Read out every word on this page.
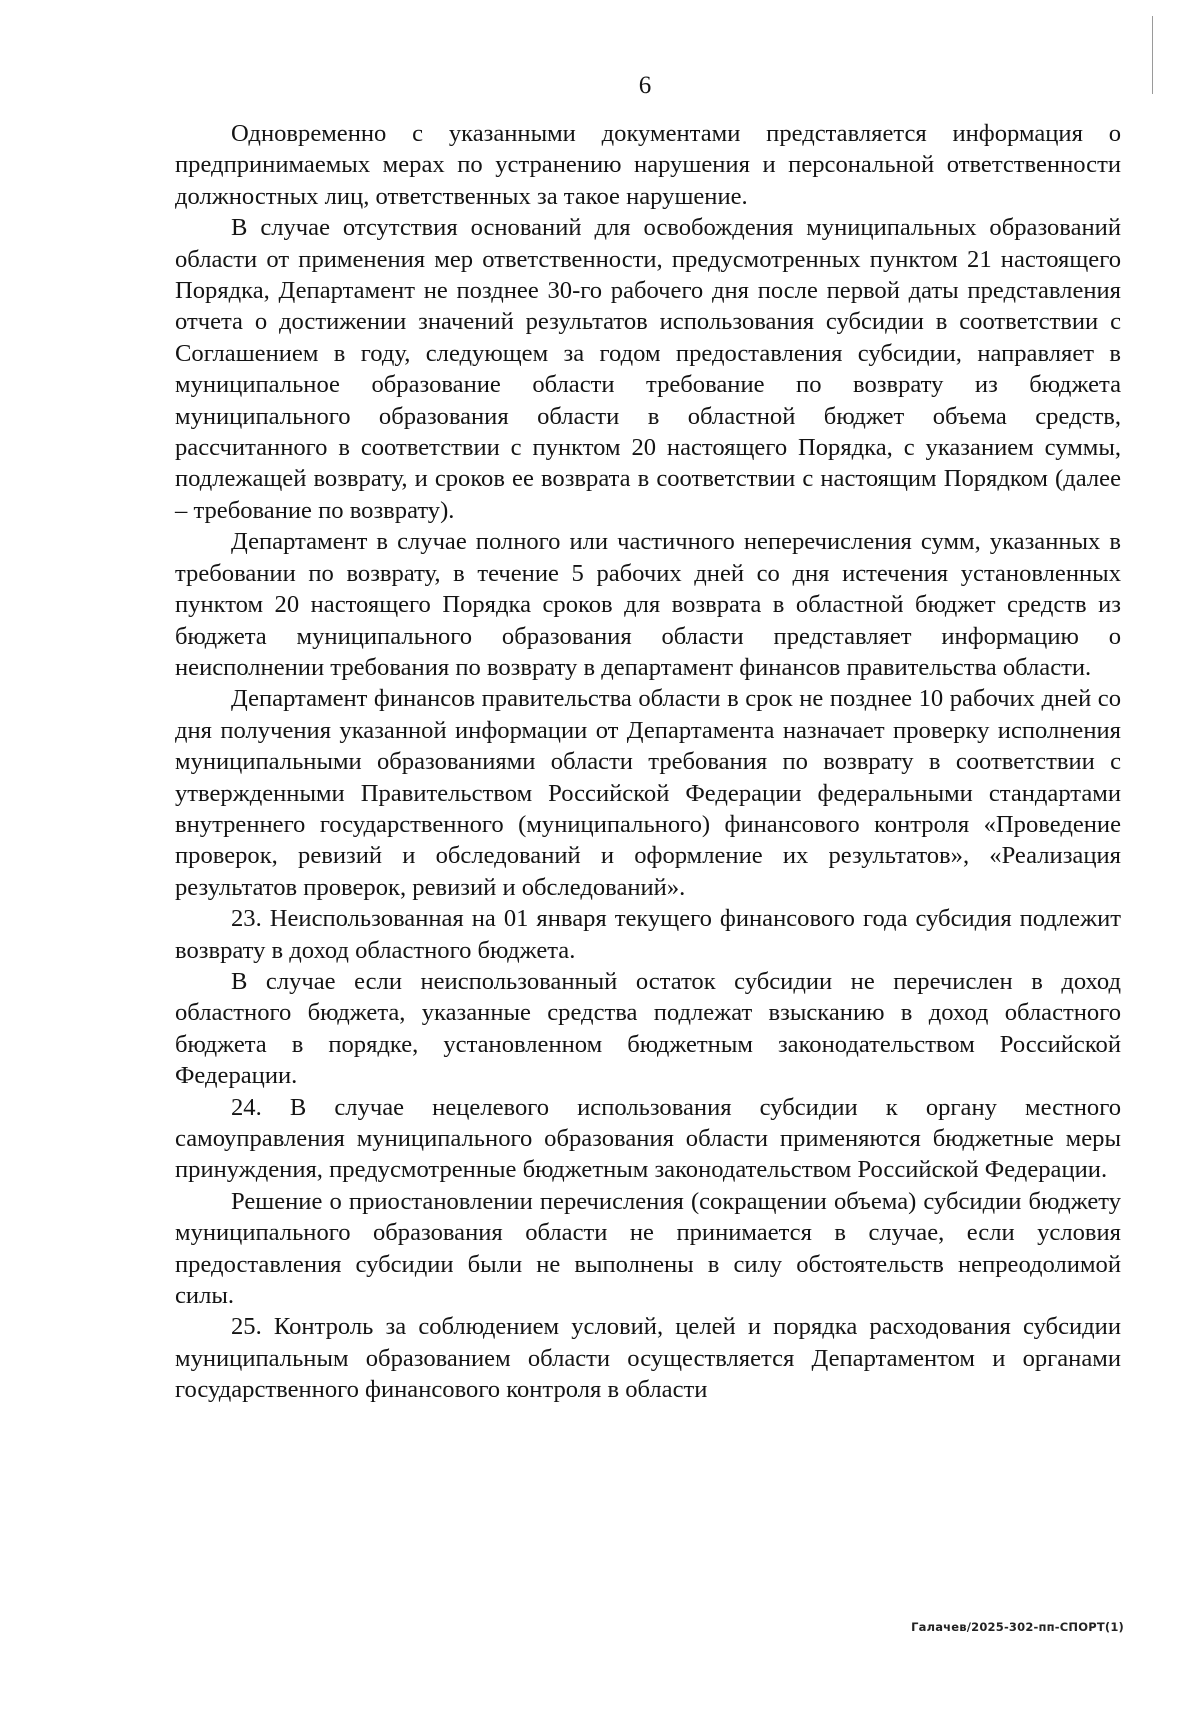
6

Одновременно с указанными документами представляется информация о предпринимаемых мерах по устранению нарушения и персональной ответственности должностных лиц, ответственных за такое нарушение.

В случае отсутствия оснований для освобождения муниципальных образований области от применения мер ответственности, предусмотренных пунктом 21 настоящего Порядка, Департамент не позднее 30-го рабочего дня после первой даты представления отчета о достижении значений результатов использования субсидии в соответствии с Соглашением в году, следующем за годом предоставления субсидии, направляет в муниципальное образование области требование по возврату из бюджета муниципального образования области в областной бюджет объема средств, рассчитанного в соответствии с пунктом 20 настоящего Порядка, с указанием суммы, подлежащей возврату, и сроков ее возврата в соответствии с настоящим Порядком (далее – требование по возврату).

Департамент в случае полного или частичного неперечисления сумм, указанных в требовании по возврату, в течение 5 рабочих дней со дня истечения установленных пунктом 20 настоящего Порядка сроков для возврата в областной бюджет средств из бюджета муниципального образования области представляет информацию о неисполнении требования по возврату в департамент финансов правительства области.

Департамент финансов правительства области в срок не позднее 10 рабочих дней со дня получения указанной информации от Департамента назначает проверку исполнения муниципальными образованиями области требования по возврату в соответствии с утвержденными Правительством Российской Федерации федеральными стандартами внутреннего государственного (муниципального) финансового контроля «Проведение проверок, ревизий и обследований и оформление их результатов», «Реализация результатов проверок, ревизий и обследований».

23. Неиспользованная на 01 января текущего финансового года субсидия подлежит возврату в доход областного бюджета.

В случае если неиспользованный остаток субсидии не перечислен в доход областного бюджета, указанные средства подлежат взысканию в доход областного бюджета в порядке, установленном бюджетным законодательством Российской Федерации.

24. В случае нецелевого использования субсидии к органу местного самоуправления муниципального образования области применяются бюджетные меры принуждения, предусмотренные бюджетным законодательством Российской Федерации.

Решение о приостановлении перечисления (сокращении объема) субсидии бюджету муниципального образования области не принимается в случае, если условия предоставления субсидии были не выполнены в силу обстоятельств непреодолимой силы.

25. Контроль за соблюдением условий, целей и порядка расходования субсидии муниципальным образованием области осуществляется Департаментом и органами государственного финансового контроля в области

Галачев/2025-302-пп-СПОРТ(1)
